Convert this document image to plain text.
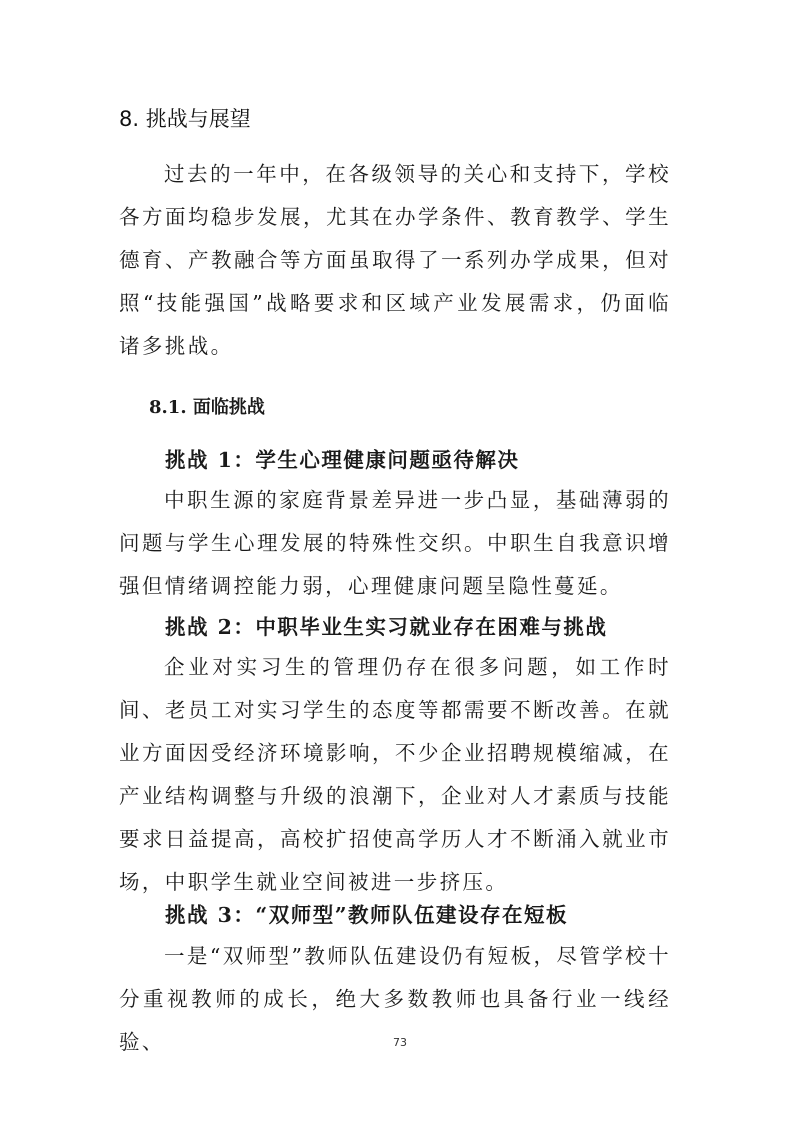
8. 挑战与展望

过去的一年中，在各级领导的关心和支持下，学校各方面均稳步发展，尤其在办学条件、教育教学、学生德育、产教融合等方面虽取得了一系列办学成果，但对照“技能强国”战略要求和区域产业发展需求，仍面临诸多挑战。

8.1. 面临挑战
挑战 1：学生心理健康问题亟待解决

中职生源的家庭背景差异进一步凸显，基础薄弱的问题与学生心理发展的特殊性交织。中职生自我意识增强但情绪调控能力弱，心理健康问题呈隐性蔓延。

挑战 2：中职毕业生实习就业存在困难与挑战

企业对实习生的管理仍存在很多问题，如工作时间、老员工对实习学生的态度等都需要不断改善。在就业方面因受经济环境影响，不少企业招聘规模缩减，在产业结构调整与升级的浪潮下，企业对人才素质与技能要求日益提高，高校扩招使高学历人才不断涌入就业市场，中职学生就业空间被进一步挤压。

挑战 3：“双师型”教师队伍建设存在短板

一是“双师型”教师队伍建设仍有短板，尽管学校十分重视教师的成长，绝大多数教师也具备行业一线经验、	73
